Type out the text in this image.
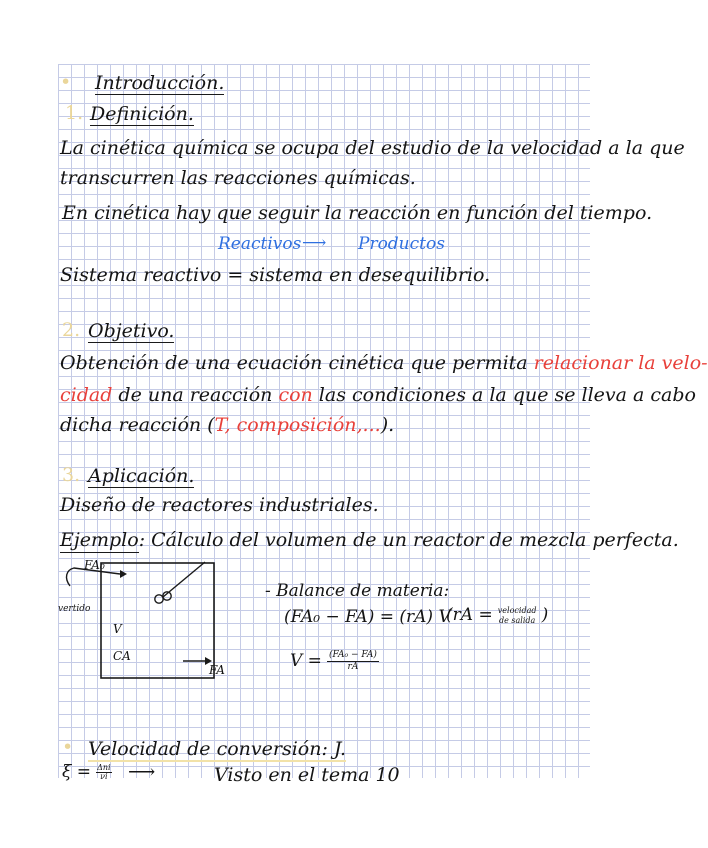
• Introducción.
1. Definición.
La cinética química se ocupa del estudio de la velocidad a la que
transcurren las reacciones químicas.
En cinética hay que seguir la reacción en función del tiempo.
Reactivos ⟶ Productos
Sistema reactivo = sistema en desequilibrio.
2. Objetivo.
Obtención de una ecuación cinética que permita relacionar la velo-
cidad de una reacción con las condiciones a la que se lleva a cabo
dicha reacción (T, composición,...).
3. Aplicación.
Diseño de reactores industriales.
Ejemplo: Cálculo del volumen de un reactor de mezcla perfecta.
FA₀
vertido
V
CA
FA
- Balance de materia:
(FA₀ − FA) = (rA) V
(rA = velocidad
de salida )
$V = \frac{\text{(FA₀ − FA)}}{rA}$
• Velocidad de conversión: J.
ξ = Δni
νi ⟶	Visto en el tema 10
